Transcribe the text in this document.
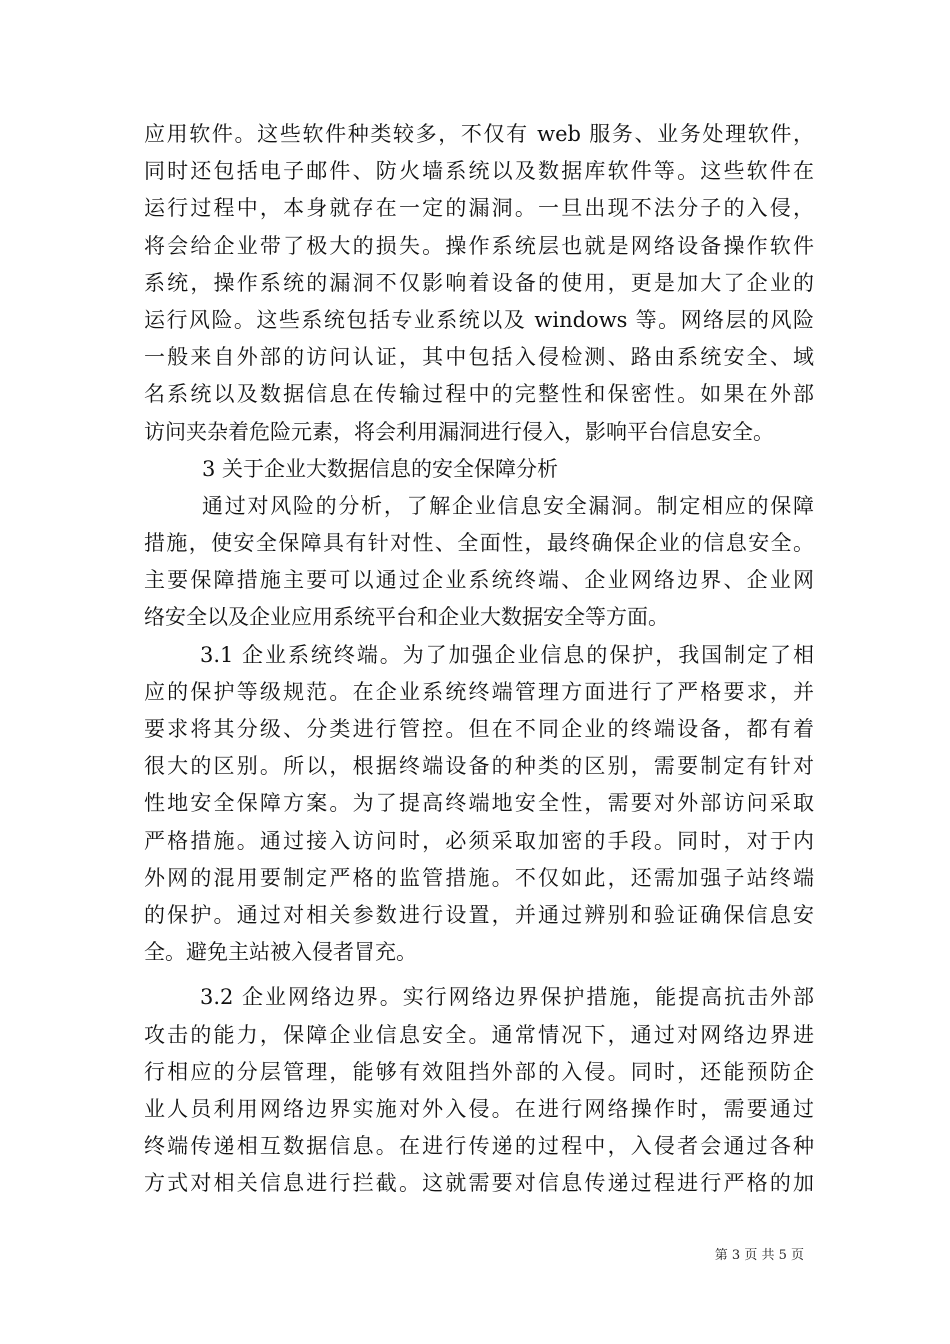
应用软件。这些软件种类较多，不仅有 web 服务、业务处理软件，
同时还包括电子邮件、防火墙系统以及数据库软件等。这些软件在
运行过程中，本身就存在一定的漏洞。一旦出现不法分子的入侵，
将会给企业带了极大的损失。操作系统层也就是网络设备操作软件
系统，操作系统的漏洞不仅影响着设备的使用，更是加大了企业的
运行风险。这些系统包括专业系统以及 windows 等。网络层的风险
一般来自外部的访问认证，其中包括入侵检测、路由系统安全、域
名系统以及数据信息在传输过程中的完整性和保密性。如果在外部
访问夹杂着危险元素，将会利用漏洞进行侵入，影响平台信息安全。
3 关于企业大数据信息的安全保障分析
通过对风险的分析，了解企业信息安全漏洞。制定相应的保障
措施，使安全保障具有针对性、全面性，最终确保企业的信息安全。
主要保障措施主要可以通过企业系统终端、企业网络边界、企业网
络安全以及企业应用系统平台和企业大数据安全等方面。
3.1 企业系统终端。为了加强企业信息的保护，我国制定了相
应的保护等级规范。在企业系统终端管理方面进行了严格要求，并
要求将其分级、分类进行管控。但在不同企业的终端设备，都有着
很大的区别。所以，根据终端设备的种类的区别，需要制定有针对
性地安全保障方案。为了提高终端地安全性，需要对外部访问采取
严格措施。通过接入访问时，必须采取加密的手段。同时，对于内
外网的混用要制定严格的监管措施。不仅如此，还需加强子站终端
的保护。通过对相关参数进行设置，并通过辨别和验证确保信息安
全。避免主站被入侵者冒充。
3.2 企业网络边界。实行网络边界保护措施，能提高抗击外部
攻击的能力，保障企业信息安全。通常情况下，通过对网络边界进
行相应的分层管理，能够有效阻挡外部的入侵。同时，还能预防企
业人员利用网络边界实施对外入侵。在进行网络操作时，需要通过
终端传递相互数据信息。在进行传递的过程中，入侵者会通过各种
方式对相关信息进行拦截。这就需要对信息传递过程进行严格的加
第 3 页 共 5 页
